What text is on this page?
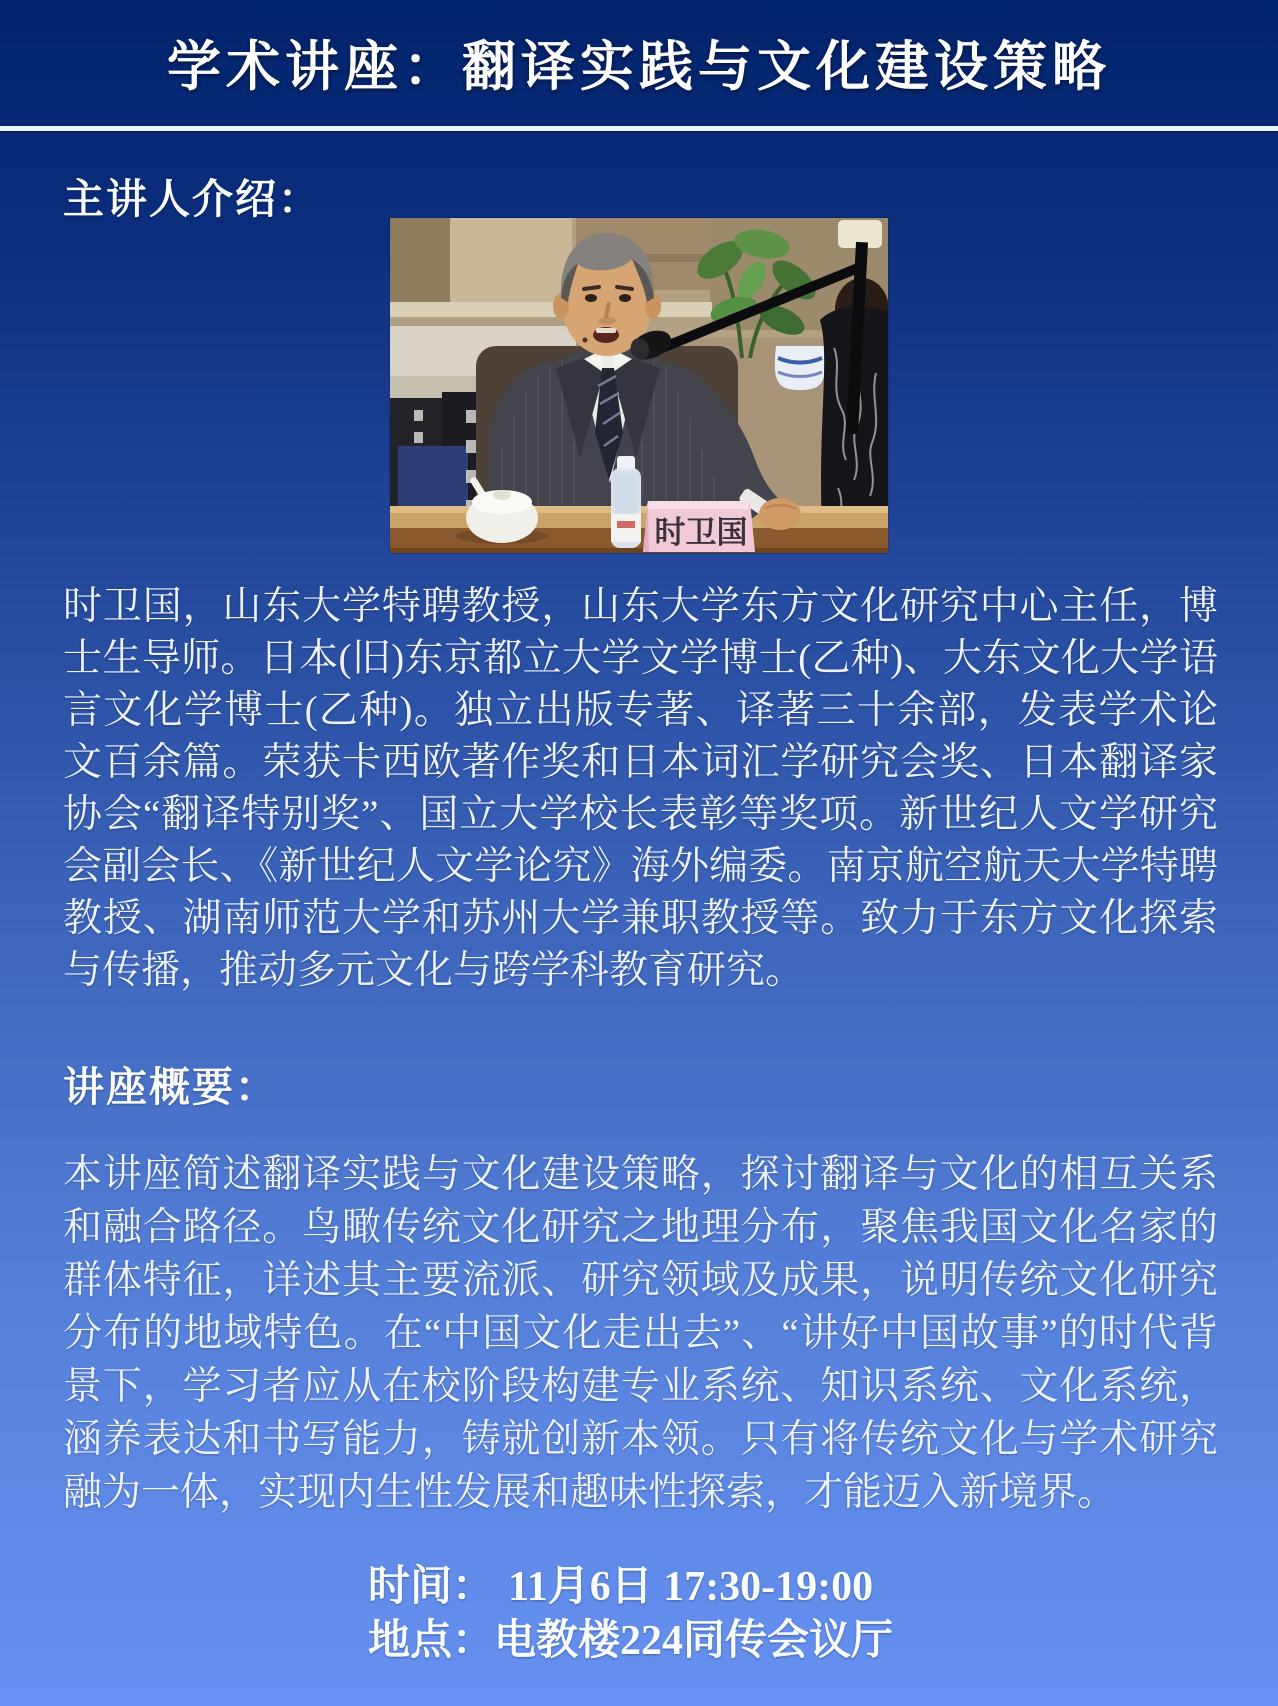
学术讲座：翻译实践与文化建设策略
主讲人介绍：
时卫国
时卫国，山东大学特聘教授，山东大学东方文化研究中心主任，博士生导师。日本(旧)东京都立大学文学博士(乙种)、大东文化大学语言文化学博士(乙种)。独立出版专著、译著三十余部，发表学术论文百余篇。荣获卡西欧著作奖和日本词汇学研究会奖、日本翻译家协会“翻译特别奖”、国立大学校长表彰等奖项。新世纪人文学研究会副会长、《新世纪人文学论究》海外编委。南京航空航天大学特聘教授、湖南师范大学和苏州大学兼职教授等。致力于东方文化探索与传播，推动多元文化与跨学科教育研究。
讲座概要：
本讲座简述翻译实践与文化建设策略，探讨翻译与文化的相互关系和融合路径。鸟瞰传统文化研究之地理分布，聚焦我国文化名家的群体特征，详述其主要流派、研究领域及成果，说明传统文化研究分布的地域特色。在“中国文化走出去”、“讲好中国故事”的时代背景下，学习者应从在校阶段构建专业系统、知识系统、文化系统，涵养表达和书写能力，铸就创新本领。只有将传统文化与学术研究融为一体，实现内生性发展和趣味性探索，才能迈入新境界。
时间： 11月6日 17:30-19:00
地点：电教楼224同传会议厅
